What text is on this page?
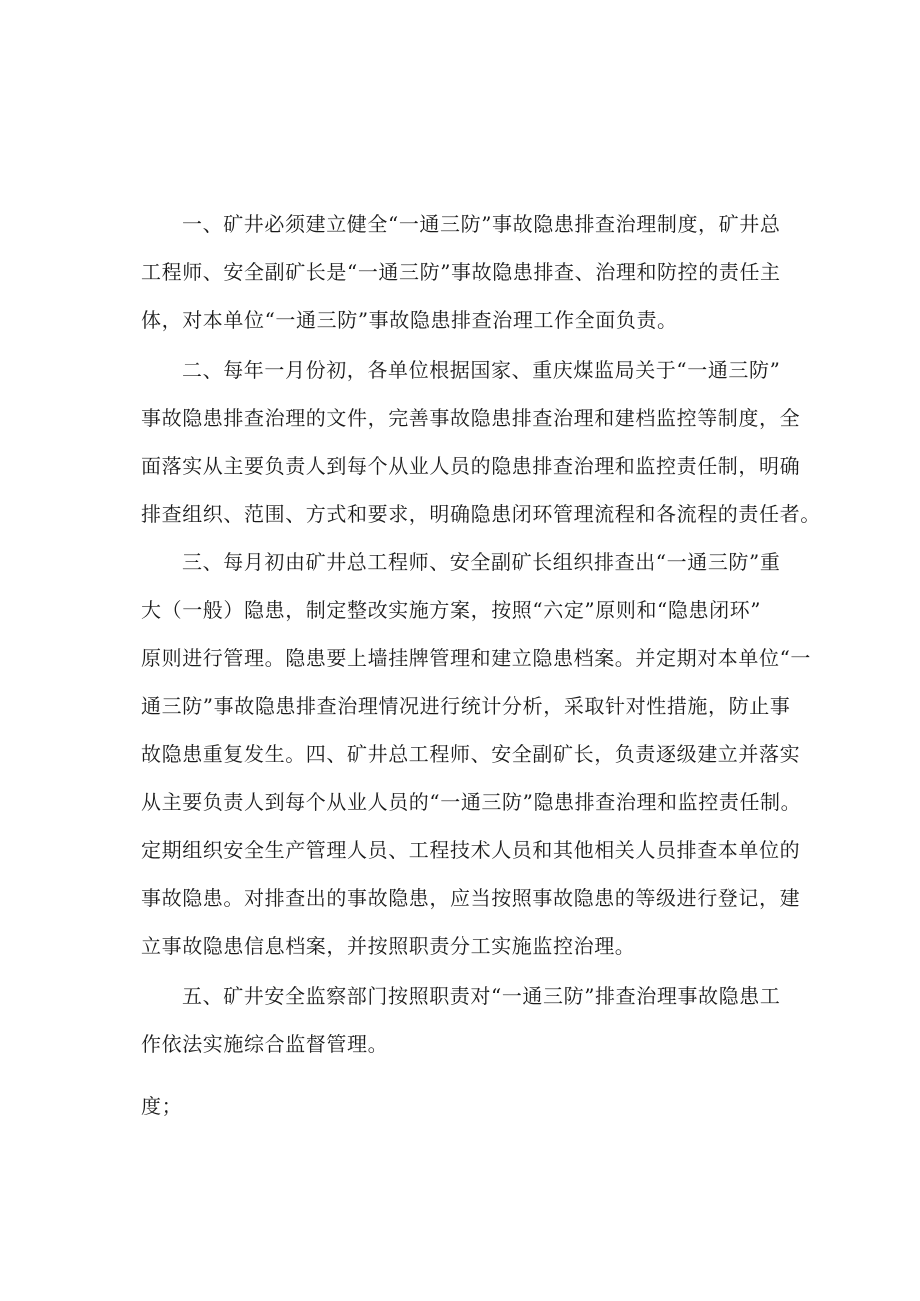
一、矿井必须建立健全“一通三防”事故隐患排查治理制度，矿井总
工程师、安全副矿长是“一通三防”事故隐患排查、治理和防控的责任主
体，对本单位“一通三防”事故隐患排查治理工作全面负责。
二、每年一月份初，各单位根据国家、重庆煤监局关于“一通三防”
事故隐患排查治理的文件，完善事故隐患排查治理和建档监控等制度，全
面落实从主要负责人到每个从业人员的隐患排查治理和监控责任制，明确
排查组织、范围、方式和要求，明确隐患闭环管理流程和各流程的责任者。
三、每月初由矿井总工程师、安全副矿长组织排查出“一通三防”重
大（一般）隐患，制定整改实施方案，按照“六定”原则和“隐患闭环”
原则进行管理。隐患要上墙挂牌管理和建立隐患档案。并定期对本单位“一
通三防”事故隐患排查治理情况进行统计分析，采取针对性措施，防止事
故隐患重复发生。四、矿井总工程师、安全副矿长，负责逐级建立并落实
从主要负责人到每个从业人员的“一通三防”隐患排查治理和监控责任制。
定期组织安全生产管理人员、工程技术人员和其他相关人员排查本单位的
事故隐患。对排查出的事故隐患，应当按照事故隐患的等级进行登记，建
立事故隐患信息档案，并按照职责分工实施监控治理。
五、矿井安全监察部门按照职责对“一通三防”排查治理事故隐患工
作依法实施综合监督管理。
度；
